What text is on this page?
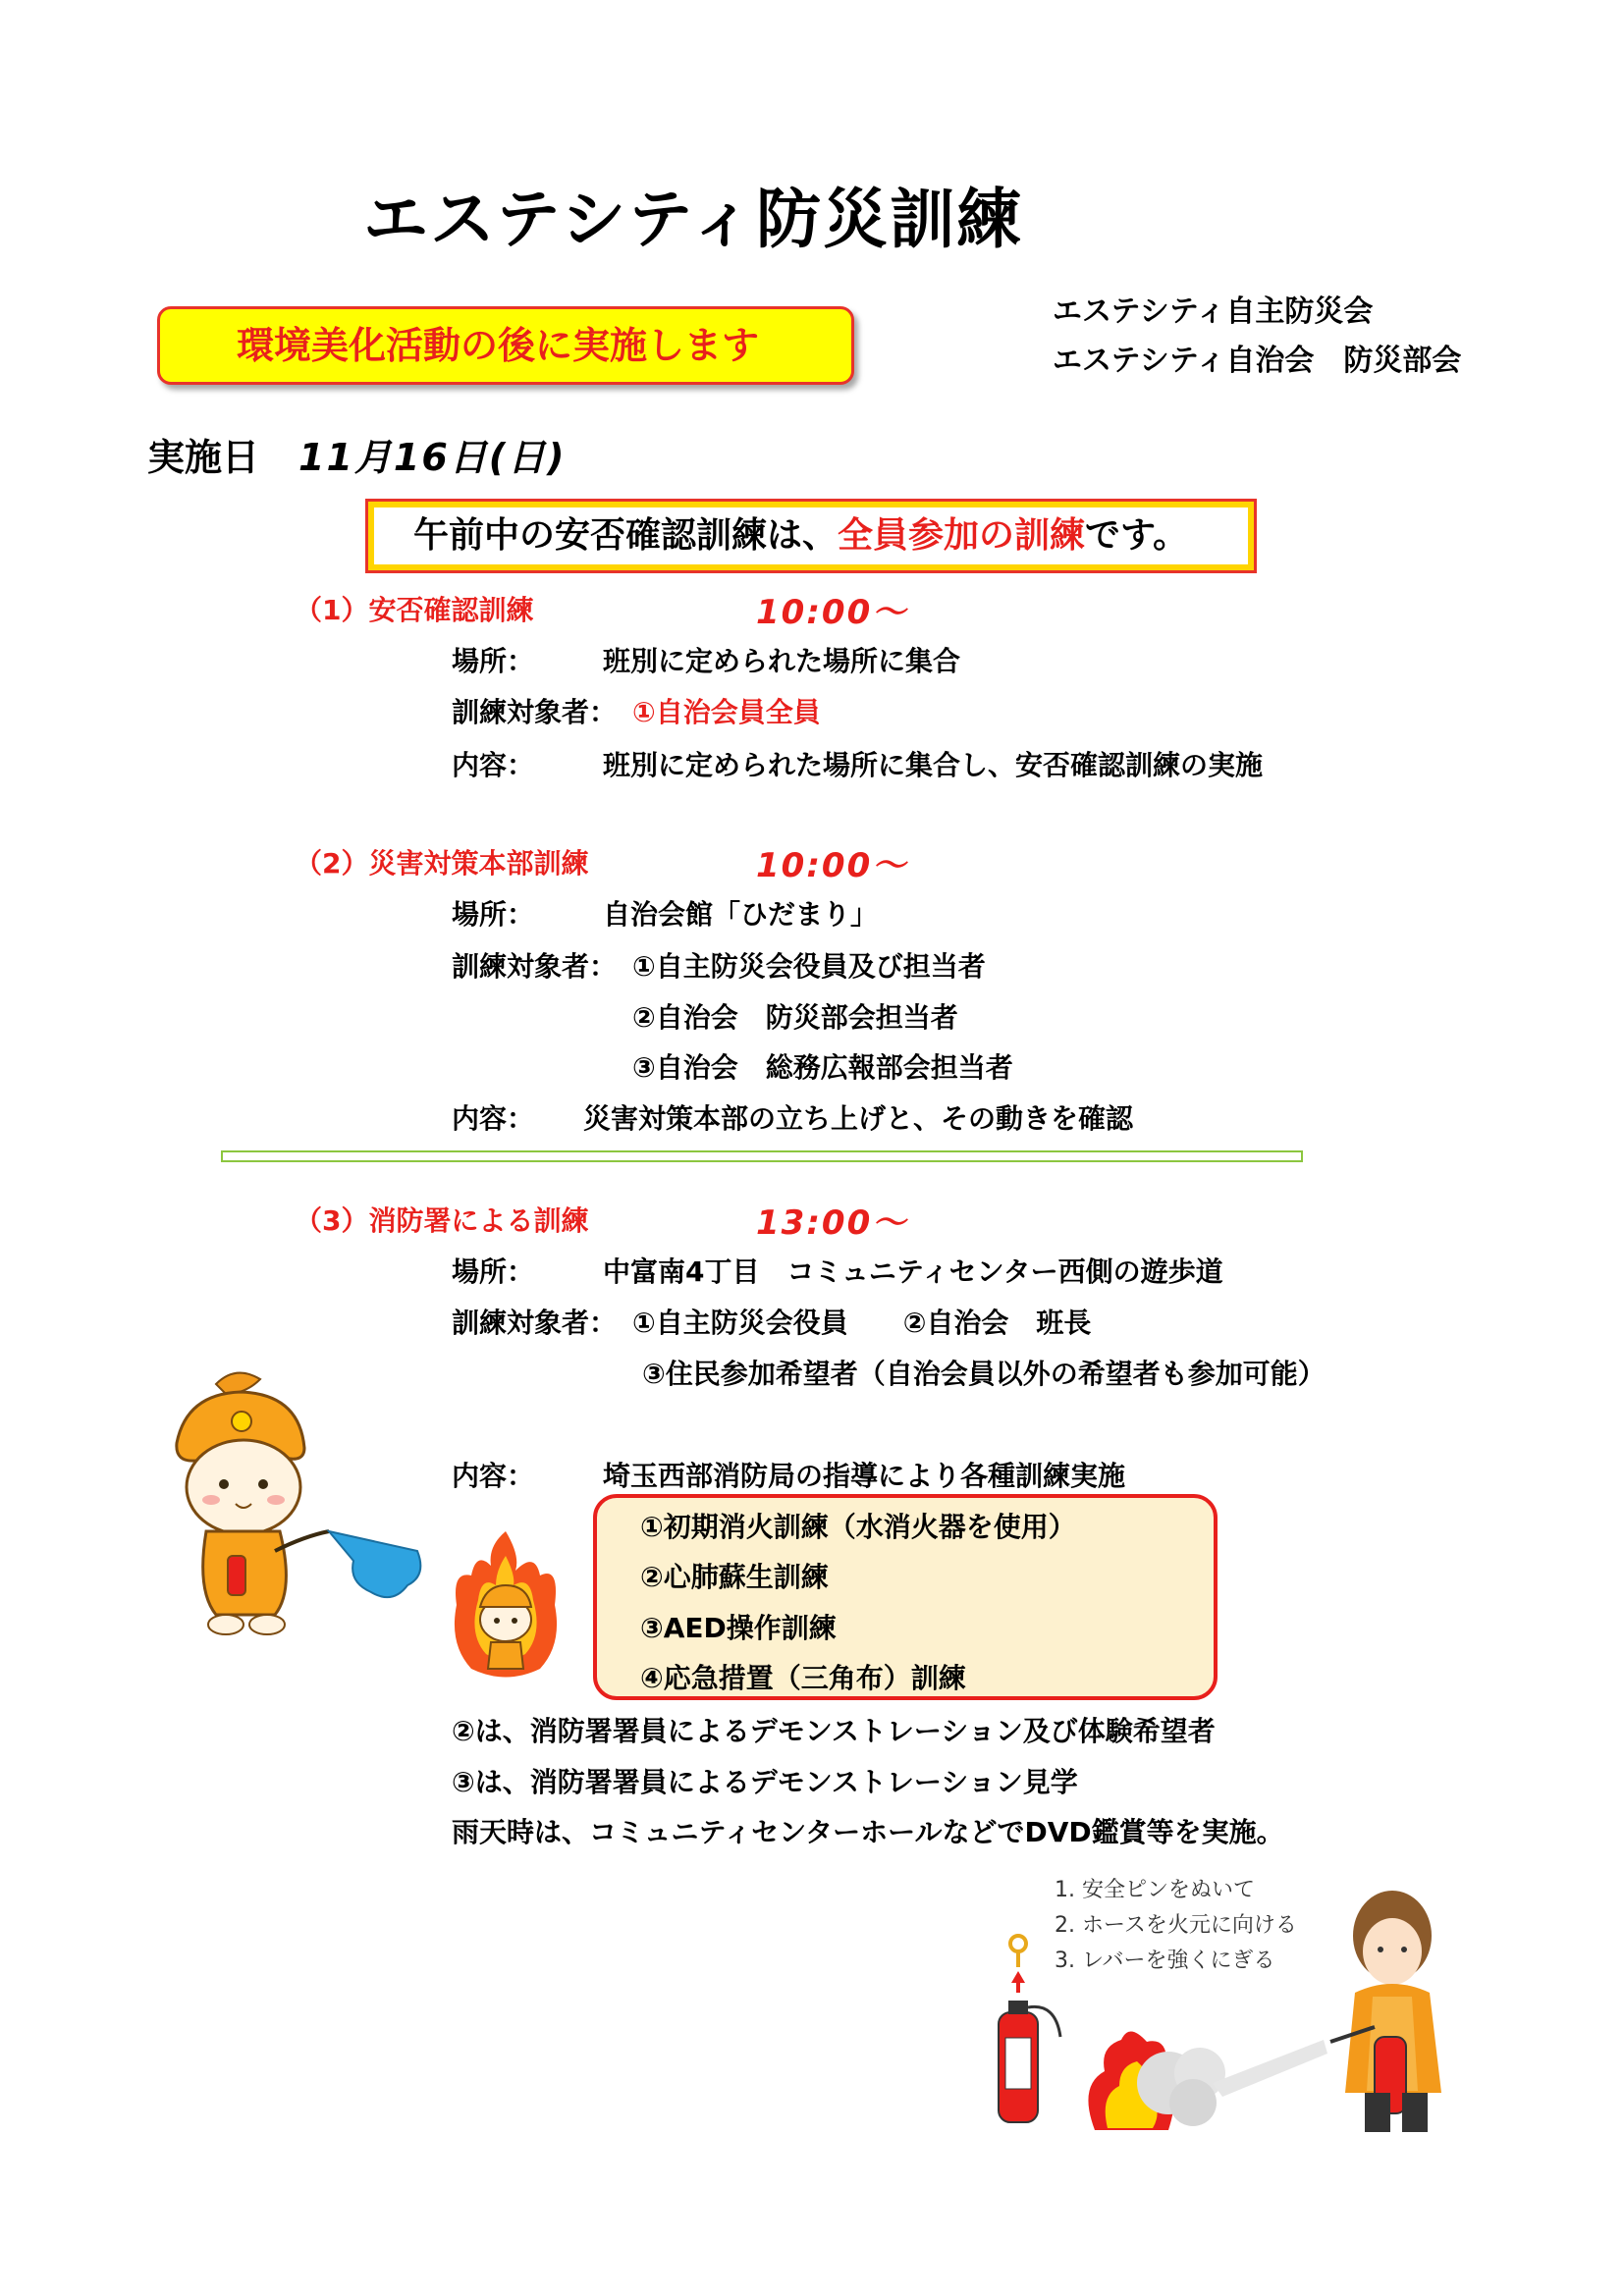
エステシティ防災訓練
エステシティ自主防災会
エステシティ自治会　防災部会
環境美化活動の後に実施します
実施日 11月16日(日)
午前中の安否確認訓練は、全員参加の訓練です。
（1）安否確認訓練	10:00～
場所： 班別に定められた場所に集合
訓練対象者： ①自治会員全員
内容： 班別に定められた場所に集合し、安否確認訓練の実施
（2）災害対策本部訓練	10:00～
場所： 自治会館「ひだまり」
訓練対象者： ①自主防災会役員及び担当者
②自治会　防災部会担当者
③自治会　総務広報部会担当者
内容： 災害対策本部の立ち上げと、その動きを確認
（3）消防署による訓練	13:00～
場所： 中富南4丁目　コミュニティセンター西側の遊歩道
訓練対象者： ①自主防災会役員　　②自治会　班長
③住民参加希望者（自治会員以外の希望者も参加可能）
内容： 埼玉西部消防局の指導により各種訓練実施
①初期消火訓練（水消火器を使用）
②心肺蘇生訓練
③AED操作訓練
④応急措置（三角布）訓練
②は、消防署署員によるデモンストレーション及び体験希望者
③は、消防署署員によるデモンストレーション見学
雨天時は、コミュニティセンターホールなどでDVD鑑賞等を実施。
1. 安全ピンをぬいて
2. ホースを火元に向ける
3. レバーを強くにぎる
